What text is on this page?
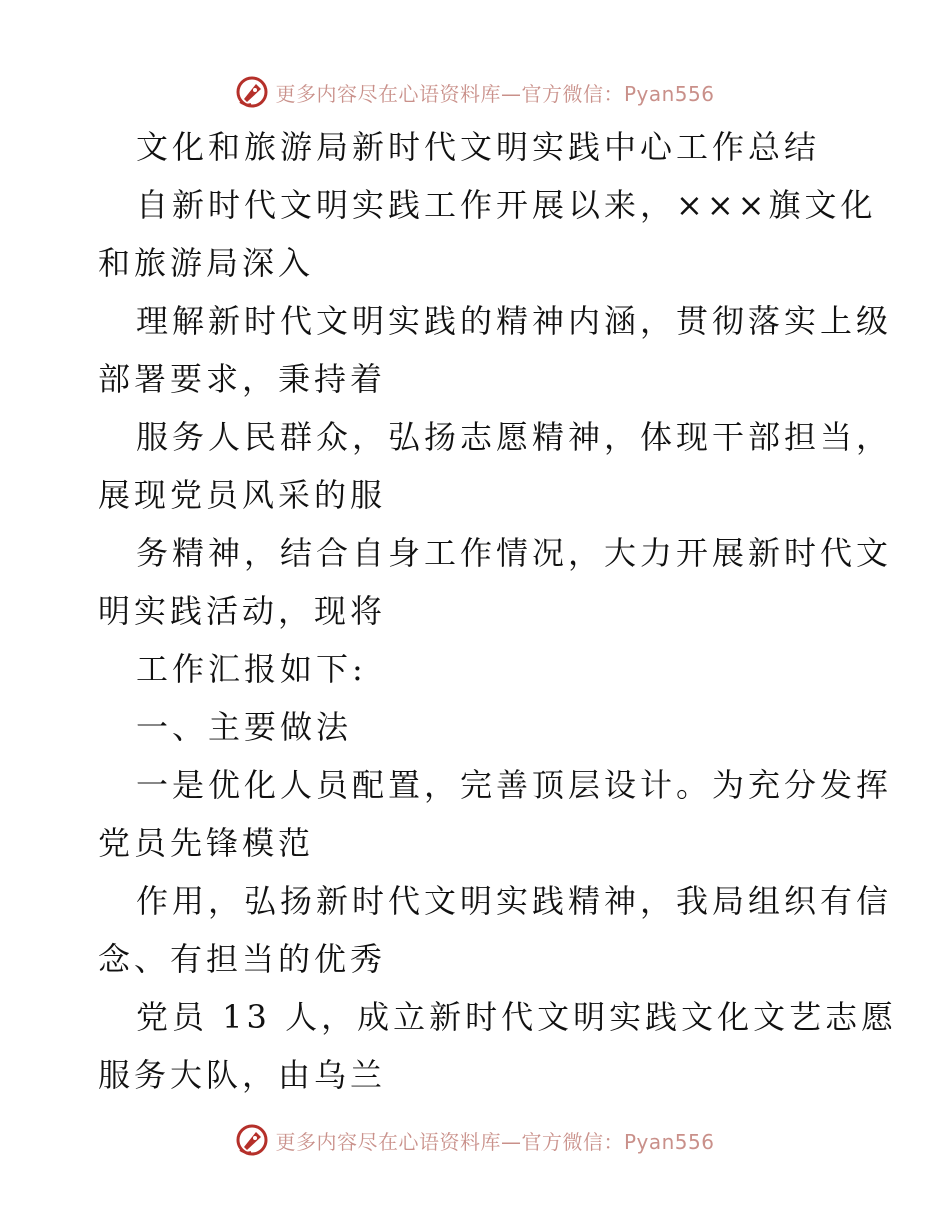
更多内容尽在心语资料库—官方微信：Pyan556
文化和旅游局新时代文明实践中心工作总结
自新时代文明实践工作开展以来，×××旗文化
和旅游局深入
理解新时代文明实践的精神内涵，贯彻落实上级
部署要求，秉持着
服务人民群众，弘扬志愿精神，体现干部担当，
展现党员风采的服
务精神，结合自身工作情况，大力开展新时代文
明实践活动，现将
工作汇报如下:
一、主要做法
一是优化人员配置，完善顶层设计。为充分发挥
党员先锋模范
作用，弘扬新时代文明实践精神，我局组织有信
念、有担当的优秀
党员 13 人，成立新时代文明实践文化文艺志愿
服务大队，由乌兰
更多内容尽在心语资料库—官方微信：Pyan556
